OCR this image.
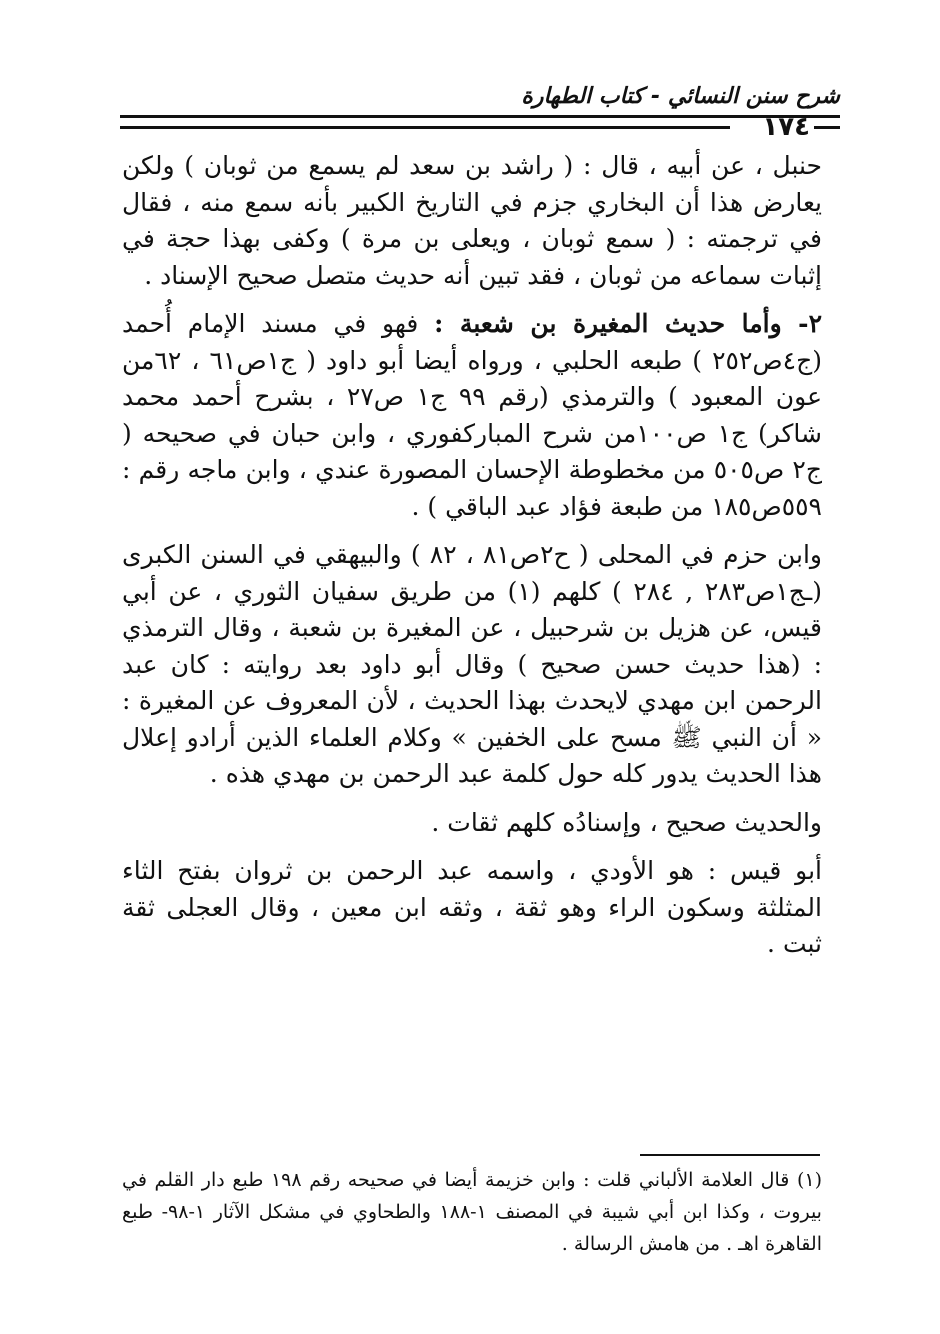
شرح سنن النسائي - كتاب الطهارة
١٧٤

حنبل ، عن أبيه ، قال : ( راشد بن سعد لم يسمع من ثوبان ) ولكن يعارض هذا أن البخاري جزم في التاريخ الكبير بأنه سمع منه ، فقال في ترجمته : ( سمع ثوبان ، ويعلى بن مرة ) وكفى بهذا حجة في إثبات سماعه من ثوبان ، فقد تبين أنه حديث متصل صحيح الإسناد .

٢- وأما حديث المغيرة بن شعبة : فهو في مسند الإمام أُحمد (ج٤ص٢٥٢ ) طبعه الحلبي ، ورواه أيضا أبو داود ( ج١ص٦١ ، ٦٢من عون المعبود ) والترمذي (رقم ٩٩ ج١ ص٢٧ ، بشرح أحمد محمد شاكر) ج١ ص١٠٠من شرح المباركفوري ، وابن حبان في صحيحه ( ج٢ ص٥٠٥ من مخطوطة الإحسان المصورة عندي ، وابن ماجه رقم : ٥٥٩ص١٨٥ من طبعة فؤاد عبد الباقي ) .

وابن حزم في المحلى ( ح٢ص٨١ ، ٨٢ ) والبيهقي في السنن الكبرى (ـج١ص٢٨٣ , ٢٨٤ ) كلهم (١) من طريق سفيان الثوري ، عن أبي قيس، عن هزيل بن شرحبيل ، عن المغيرة بن شعبة ، وقال الترمذي : (هذا حديث حسن صحيح ) وقال أبو داود بعد روايته : كان عبد الرحمن ابن مهدي لايحدث بهذا الحديث ، لأن المعروف عن المغيرة : « أن النبي ﷺ مسح على الخفين » وكلام العلماء الذين أرادو إعلال هذا الحديث يدور كله حول كلمة عبد الرحمن بن مهدي هذه .

والحديث صحيح ، وإسنادُه كلهم ثقات .

أبو قيس : هو الأودي ، واسمه عبد الرحمن بن ثروان بفتح الثاء المثلثة وسكون الراء وهو ثقة ، وثقه ابن معين ، وقال العجلى ثقة ثبت .

(١) قال العلامة الألباني قلت : وابن خزيمة أيضا في صحيحه رقم ١٩٨ طبع دار القلم في بيروت ، وكذا ابن أبي شيبة في المصنف ١-١٨٨ والطحاوي في مشكل الآثار ١-٩٨- طبع القاهرة اهـ . من هامش الرسالة .
